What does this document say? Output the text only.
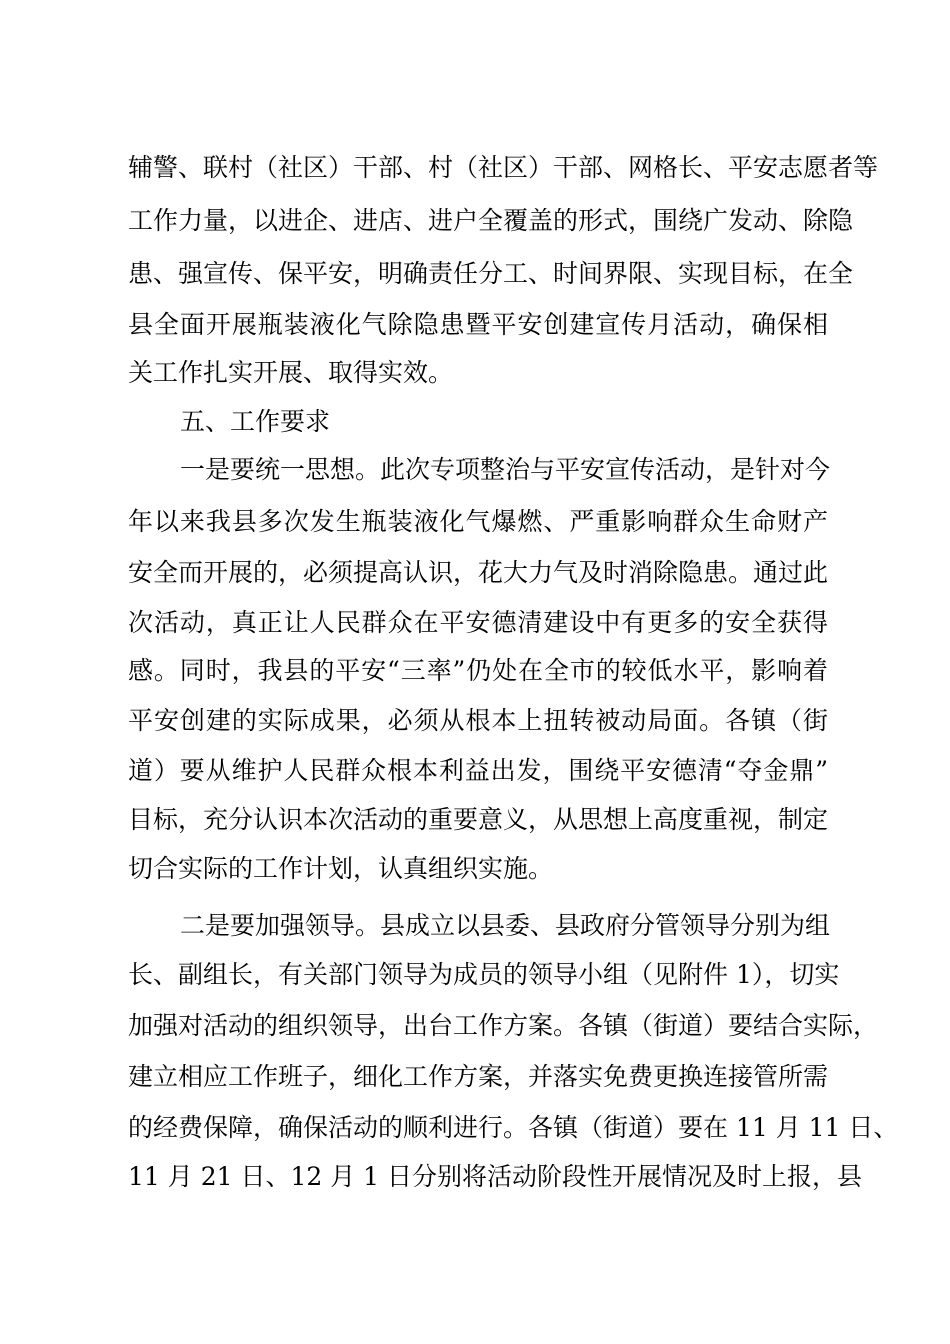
辅警、联村（社区）干部、村（社区）干部、网格长、平安志愿者等
工作力量，以进企、进店、进户全覆盖的形式，围绕广发动、除隐
患、强宣传、保平安，明确责任分工、时间界限、实现目标，在全
县全面开展瓶装液化气除隐患暨平安创建宣传月活动，确保相
关工作扎实开展、取得实效。
五、工作要求
一是要统一思想。此次专项整治与平安宣传活动，是针对今
年以来我县多次发生瓶装液化气爆燃、严重影响群众生命财产
安全而开展的，必须提高认识，花大力气及时消除隐患。通过此
次活动，真正让人民群众在平安德清建设中有更多的安全获得
感。同时，我县的平安“三率”仍处在全市的较低水平，影响着
平安创建的实际成果，必须从根本上扭转被动局面。各镇（街
道）要从维护人民群众根本利益出发，围绕平安德清“夺金鼎”
目标，充分认识本次活动的重要意义，从思想上高度重视，制定
切合实际的工作计划，认真组织实施。
二是要加强领导。县成立以县委、县政府分管领导分别为组
长、副组长，有关部门领导为成员的领导小组（见附件 1），切实
加强对活动的组织领导，出台工作方案。各镇（街道）要结合实际，
建立相应工作班子，细化工作方案，并落实免费更换连接管所需
的经费保障，确保活动的顺利进行。各镇（街道）要在 11 月 11 日、
11 月 21 日、12 月 1 日分别将活动阶段性开展情况及时上报，县
